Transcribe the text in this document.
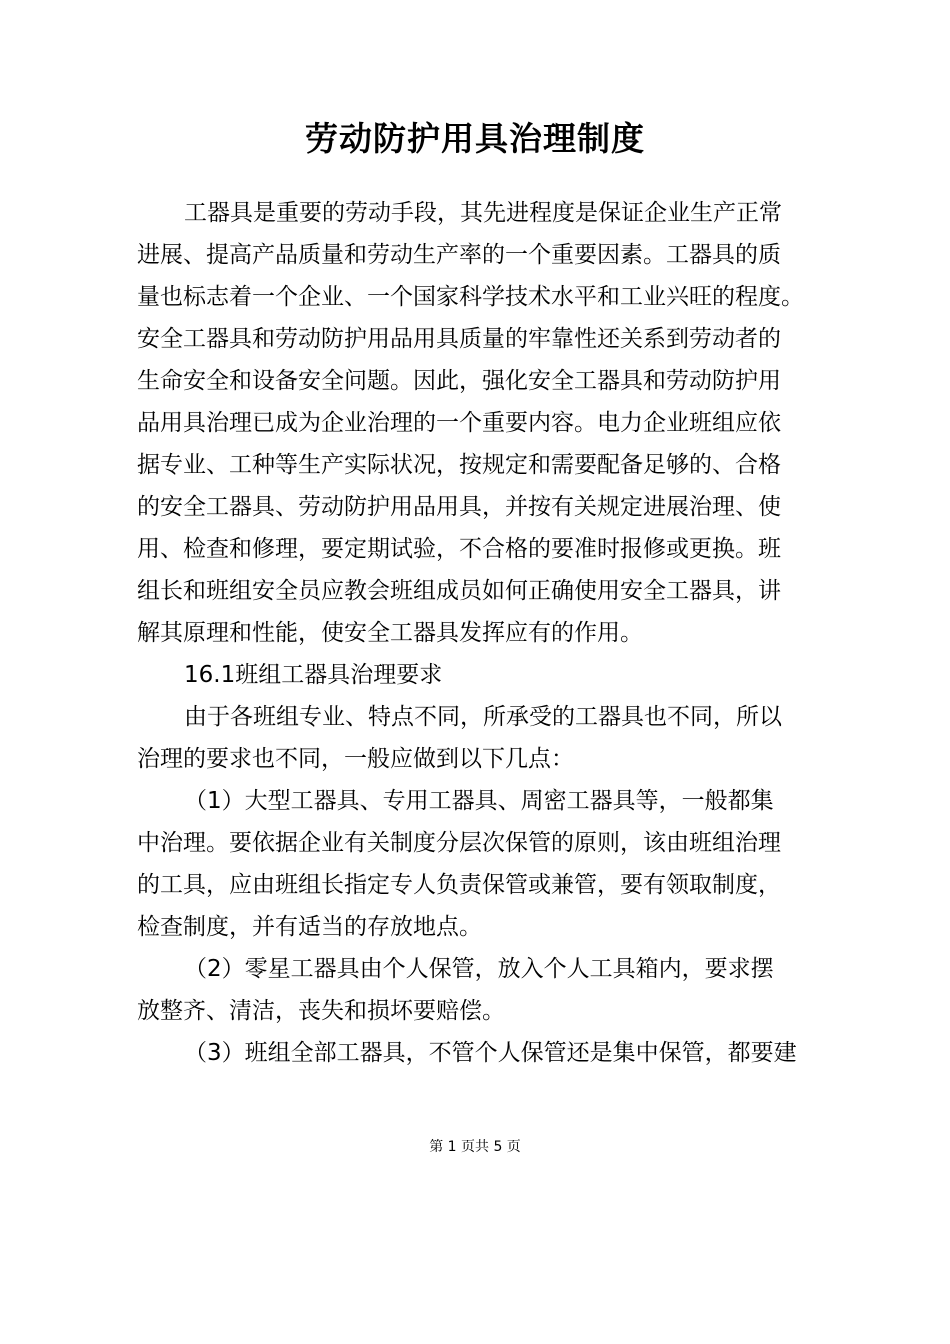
劳动防护用具治理制度
工器具是重要的劳动手段，其先进程度是保证企业生产正常
进展、提高产品质量和劳动生产率的一个重要因素。工器具的质
量也标志着一个企业、一个国家科学技术水平和工业兴旺的程度。
安全工器具和劳动防护用品用具质量的牢靠性还关系到劳动者的
生命安全和设备安全问题。因此，强化安全工器具和劳动防护用
品用具治理已成为企业治理的一个重要内容。电力企业班组应依
据专业、工种等生产实际状况，按规定和需要配备足够的、合格
的安全工器具、劳动防护用品用具，并按有关规定进展治理、使
用、检查和修理，要定期试验，不合格的要准时报修或更换。班
组长和班组安全员应教会班组成员如何正确使用安全工器具，讲
解其原理和性能，使安全工器具发挥应有的作用。
16.1班组工器具治理要求
由于各班组专业、特点不同，所承受的工器具也不同，所以
治理的要求也不同，一般应做到以下几点：
（1）大型工器具、专用工器具、周密工器具等，一般都集
中治理。要依据企业有关制度分层次保管的原则，该由班组治理
的工具，应由班组长指定专人负责保管或兼管，要有领取制度，
检查制度，并有适当的存放地点。
（2）零星工器具由个人保管，放入个人工具箱内，要求摆
放整齐、清洁，丧失和损坏要赔偿。
（3）班组全部工器具，不管个人保管还是集中保管，都要建
第 1 页共 5 页
